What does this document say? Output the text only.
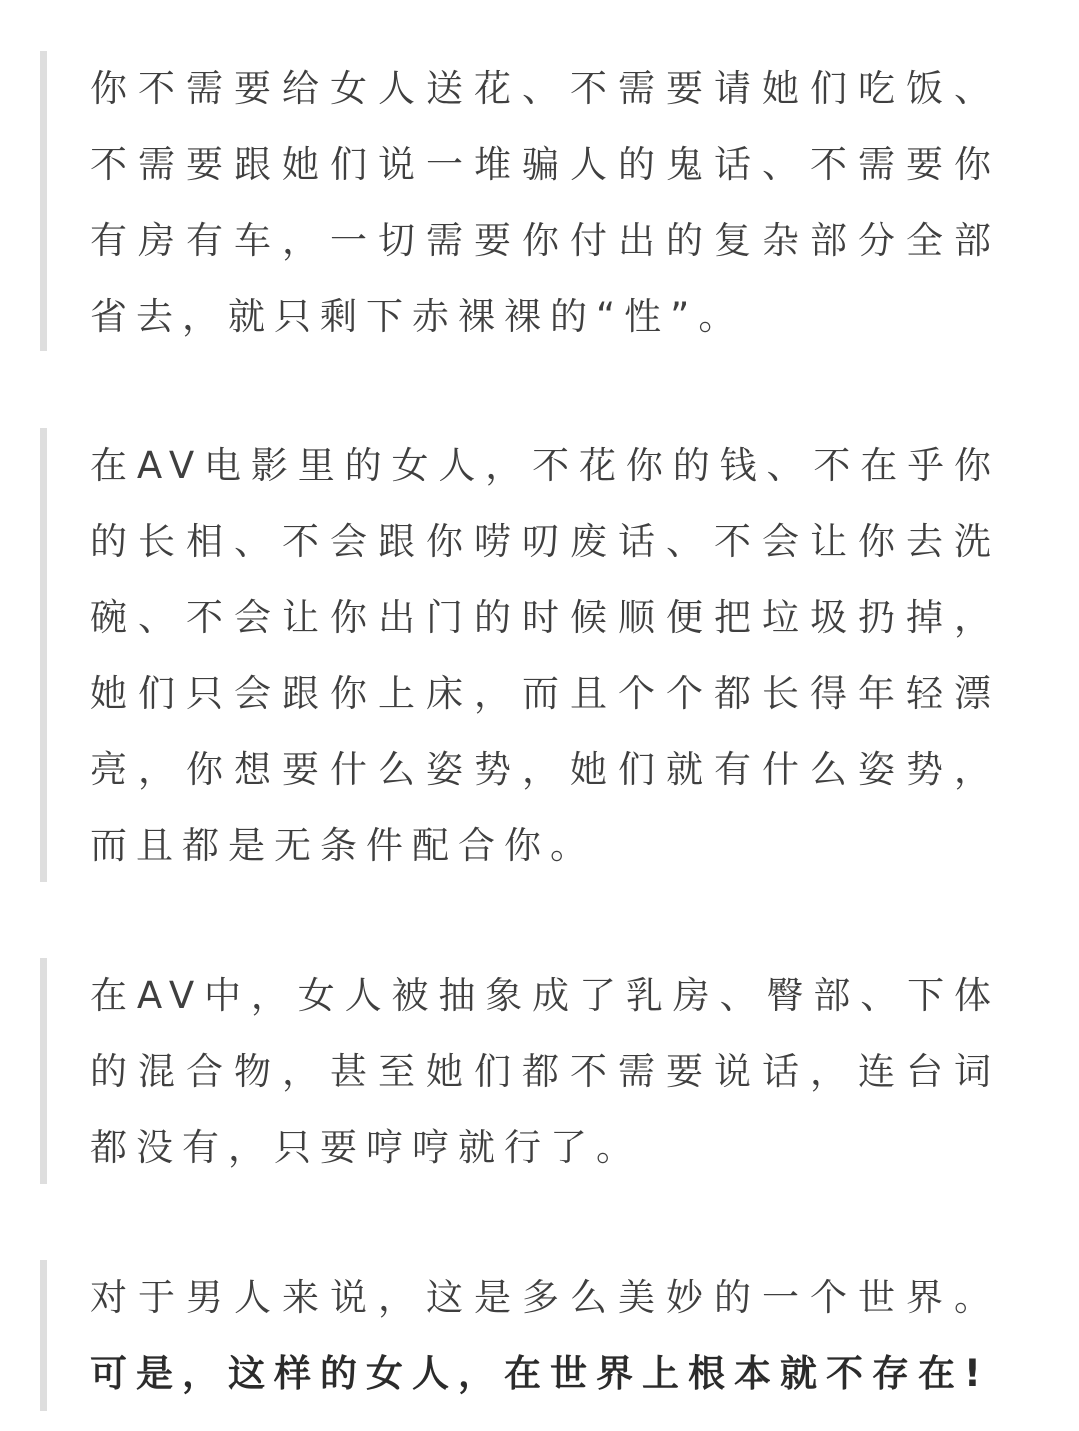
你不需要给女人送花、不需要请她们吃饭、不需要跟她们说一堆骗人的鬼话、不需要你有房有车，一切需要你付出的复杂部分全部省去，就只剩下赤裸裸的“性”。

在AV电影里的女人，不花你的钱、不在乎你的长相、不会跟你唠叨废话、不会让你去洗碗、不会让你出门的时候顺便把垃圾扔掉，她们只会跟你上床，而且个个都长得年轻漂亮，你想要什么姿势，她们就有什么姿势，而且都是无条件配合你。

在AV中，女人被抽象成了乳房、臀部、下体的混合物，甚至她们都不需要说话，连台词都没有，只要哼哼就行了。

对于男人来说，这是多么美妙的一个世界。可是，这样的女人，在世界上根本就不存在!
